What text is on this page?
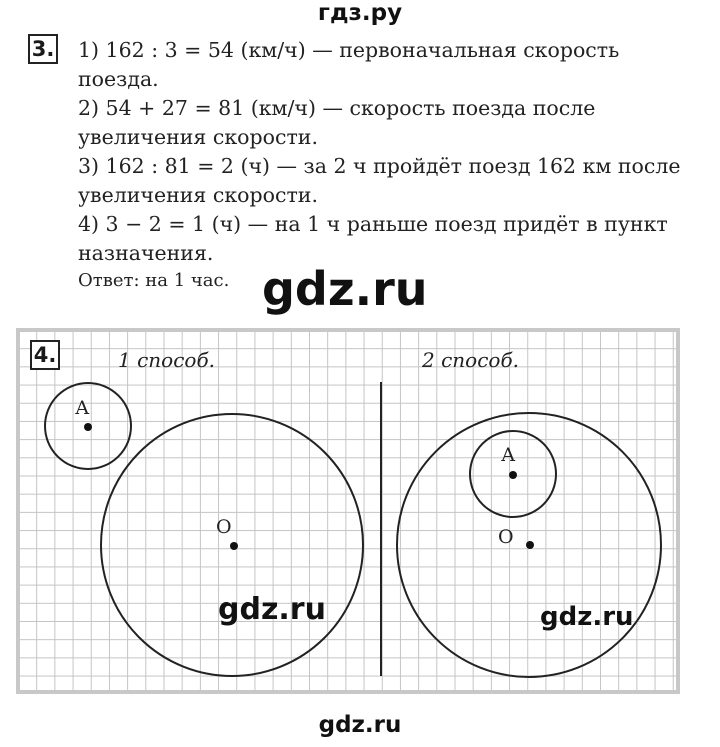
гдз.ру
3. 1) 162 : 3 = 54 (км/ч) — первоначальная скорость поезда.

2) 54 + 27 = 81 (км/ч) — скорость поезда после увеличения скорости.

3) 162 : 81 = 2 (ч) — за 2 ч пройдёт поезд 162 км после увеличения скорости.

4) 3 − 2 = 1 (ч) — на 1 ч раньше поезд придёт в пункт назначения.

Ответ: на 1 час.
4.	1 способ.	2 способ.
А
О
А
О
gdz.ru
gdz.ru	gdz.ru
gdz.ru
